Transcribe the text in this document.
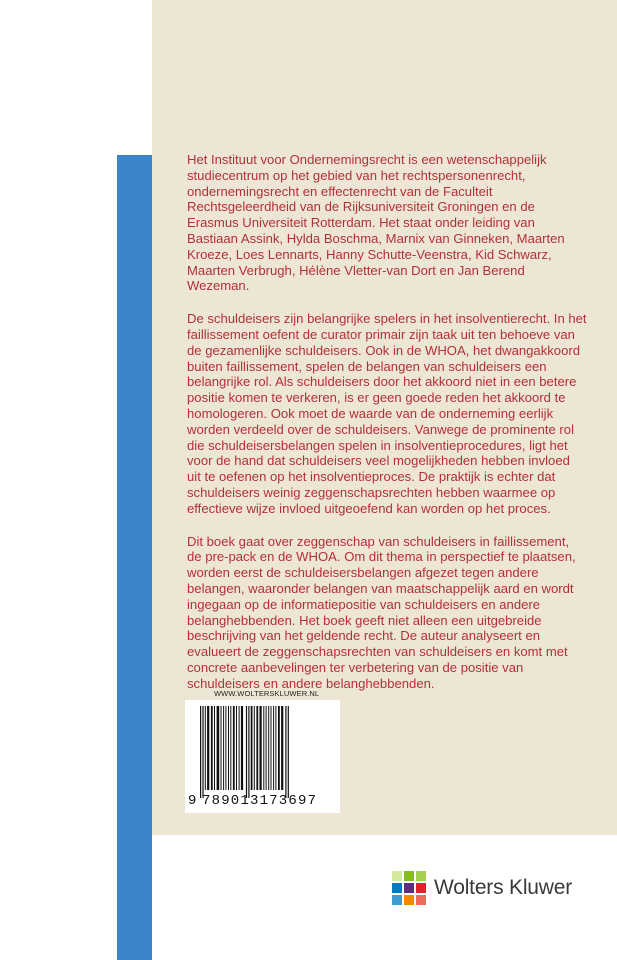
Het Instituut voor Ondernemingsrecht is een wetenschappelijk studiecentrum op het gebied van het rechtspersonenrecht, ondernemingsrecht en effectenrecht van de Faculteit Rechtsgeleerdheid van de Rijksuniversiteit Groningen en de Erasmus Universiteit Rotterdam. Het staat onder leiding van Bastiaan Assink, Hylda Boschma, Marnix van Ginneken, Maarten Kroeze, Loes Lennarts, Hanny Schutte-Veenstra, Kid Schwarz, Maarten Verbrugh, Hélène Vletter-van Dort en Jan Berend Wezeman.

De schuldeisers zijn belangrijke spelers in het insolventierecht. In het faillissement oefent de curator primair zijn taak uit ten behoeve van de gezamenlijke schuldeisers. Ook in de WHOA, het dwangakkoord buiten faillissement, spelen de belangen van schuldeisers een belangrijke rol. Als schuldeisers door het akkoord niet in een betere positie komen te verkeren, is er geen goede reden het akkoord te homologeren. Ook moet de waarde van de onderneming eerlijk worden verdeeld over de schuldeisers. Vanwege de prominente rol die schuldeisersbelangen spelen in insolventieprocedures, ligt het voor de hand dat schuldeisers veel mogelijkheden hebben invloed uit te oefenen op het insolventieproces. De praktijk is echter dat schuldeisers weinig zeggenschapsrechten hebben waarmee op effectieve wijze invloed uitgeoefend kan worden op het proces.

Dit boek gaat over zeggenschap van schuldeisers in faillissement, de pre-pack en de WHOA. Om dit thema in perspectief te plaatsen, worden eerst de schuldeisersbelangen afgezet tegen andere belangen, waaronder belangen van maatschappelijk aard en wordt ingegaan op de informatiepositie van schuldeisers en andere belanghebbenden. Het boek geeft niet alleen een uitgebreide beschrijving van het geldende recht. De auteur analyseert en evalueert de zeggenschapsrechten van schuldeisers en komt met concrete aanbevelingen ter verbetering van de positie van schuldeisers en andere belanghebbenden.

WWW.WOLTERSKLUWER.NL
9 789013173697
Wolters Kluwer
